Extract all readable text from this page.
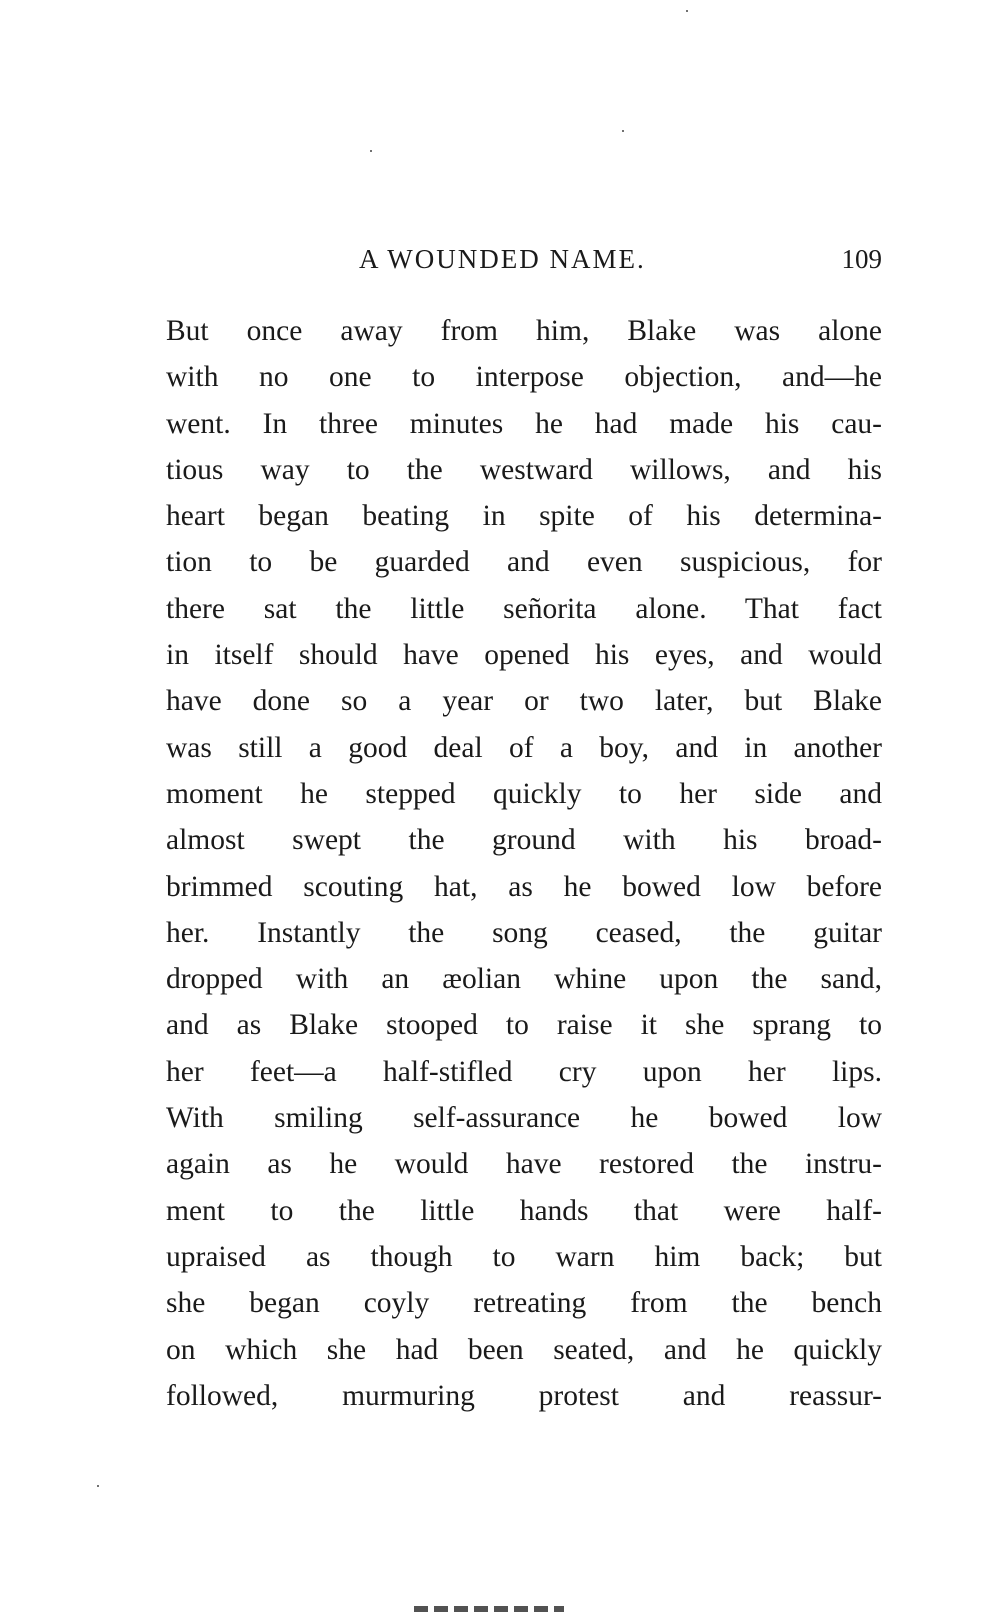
A WOUNDED NAME.	109
But once away from him, Blake was alone
with no one to interpose objection, and—he
went. In three minutes he had made his cau-
tious way to the westward willows, and his
heart began beating in spite of his determina-
tion to be guarded and even suspicious, for
there sat the little señorita alone. That fact
in itself should have opened his eyes, and would
have done so a year or two later, but Blake
was still a good deal of a boy, and in another
moment he stepped quickly to her side and
almost swept the ground with his broad-
brimmed scouting hat, as he bowed low before
her. Instantly the song ceased, the guitar
dropped with an æolian whine upon the sand,
and as Blake stooped to raise it she sprang to
her feet—a half-stifled cry upon her lips.
With smiling self-assurance he bowed low
again as he would have restored the instru-
ment to the little hands that were half-
upraised as though to warn him back; but
she began coyly retreating from the bench
on which she had been seated, and he quickly
followed, murmuring protest and reassur-
